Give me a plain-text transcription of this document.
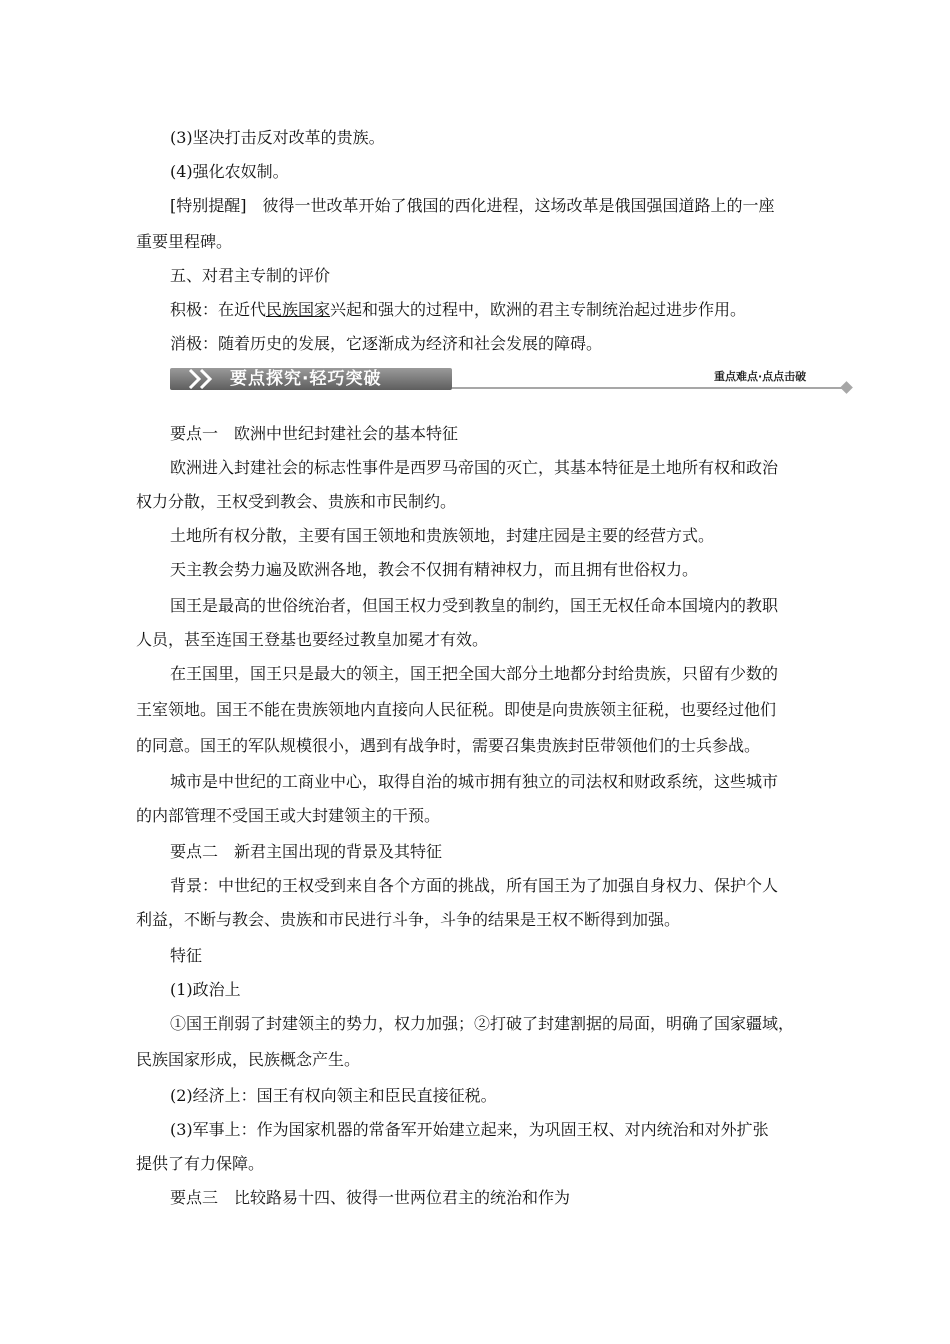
(3)坚决打击反对改革的贵族。
(4)强化农奴制。
[特别提醒]　彼得一世改革开始了俄国的西化进程，这场改革是俄国强国道路上的一座
重要里程碑。
五、对君主专制的评价
积极：在近代民族国家兴起和强大的过程中，欧洲的君主专制统治起过进步作用。
消极：随着历史的发展，它逐渐成为经济和社会发展的障碍。
要点探究·轻巧突破	重点难点·点点击破
要点一　欧洲中世纪封建社会的基本特征
欧洲进入封建社会的标志性事件是西罗马帝国的灭亡，其基本特征是土地所有权和政治
权力分散，王权受到教会、贵族和市民制约。
土地所有权分散，主要有国王领地和贵族领地，封建庄园是主要的经营方式。
天主教会势力遍及欧洲各地，教会不仅拥有精神权力，而且拥有世俗权力。
国王是最高的世俗统治者，但国王权力受到教皇的制约，国王无权任命本国境内的教职
人员，甚至连国王登基也要经过教皇加冕才有效。
在王国里，国王只是最大的领主，国王把全国大部分土地都分封给贵族，只留有少数的
王室领地。国王不能在贵族领地内直接向人民征税。即使是向贵族领主征税，也要经过他们
的同意。国王的军队规模很小，遇到有战争时，需要召集贵族封臣带领他们的士兵参战。
城市是中世纪的工商业中心，取得自治的城市拥有独立的司法权和财政系统，这些城市
的内部管理不受国王或大封建领主的干预。
要点二　新君主国出现的背景及其特征
背景：中世纪的王权受到来自各个方面的挑战，所有国王为了加强自身权力、保护个人
利益，不断与教会、贵族和市民进行斗争，斗争的结果是王权不断得到加强。
特征
(1)政治上
①国王削弱了封建领主的势力，权力加强；②打破了封建割据的局面，明确了国家疆域，
民族国家形成，民族概念产生。
(2)经济上：国王有权向领主和臣民直接征税。
(3)军事上：作为国家机器的常备军开始建立起来，为巩固王权、对内统治和对外扩张
提供了有力保障。
要点三　比较路易十四、彼得一世两位君主的统治和作为
